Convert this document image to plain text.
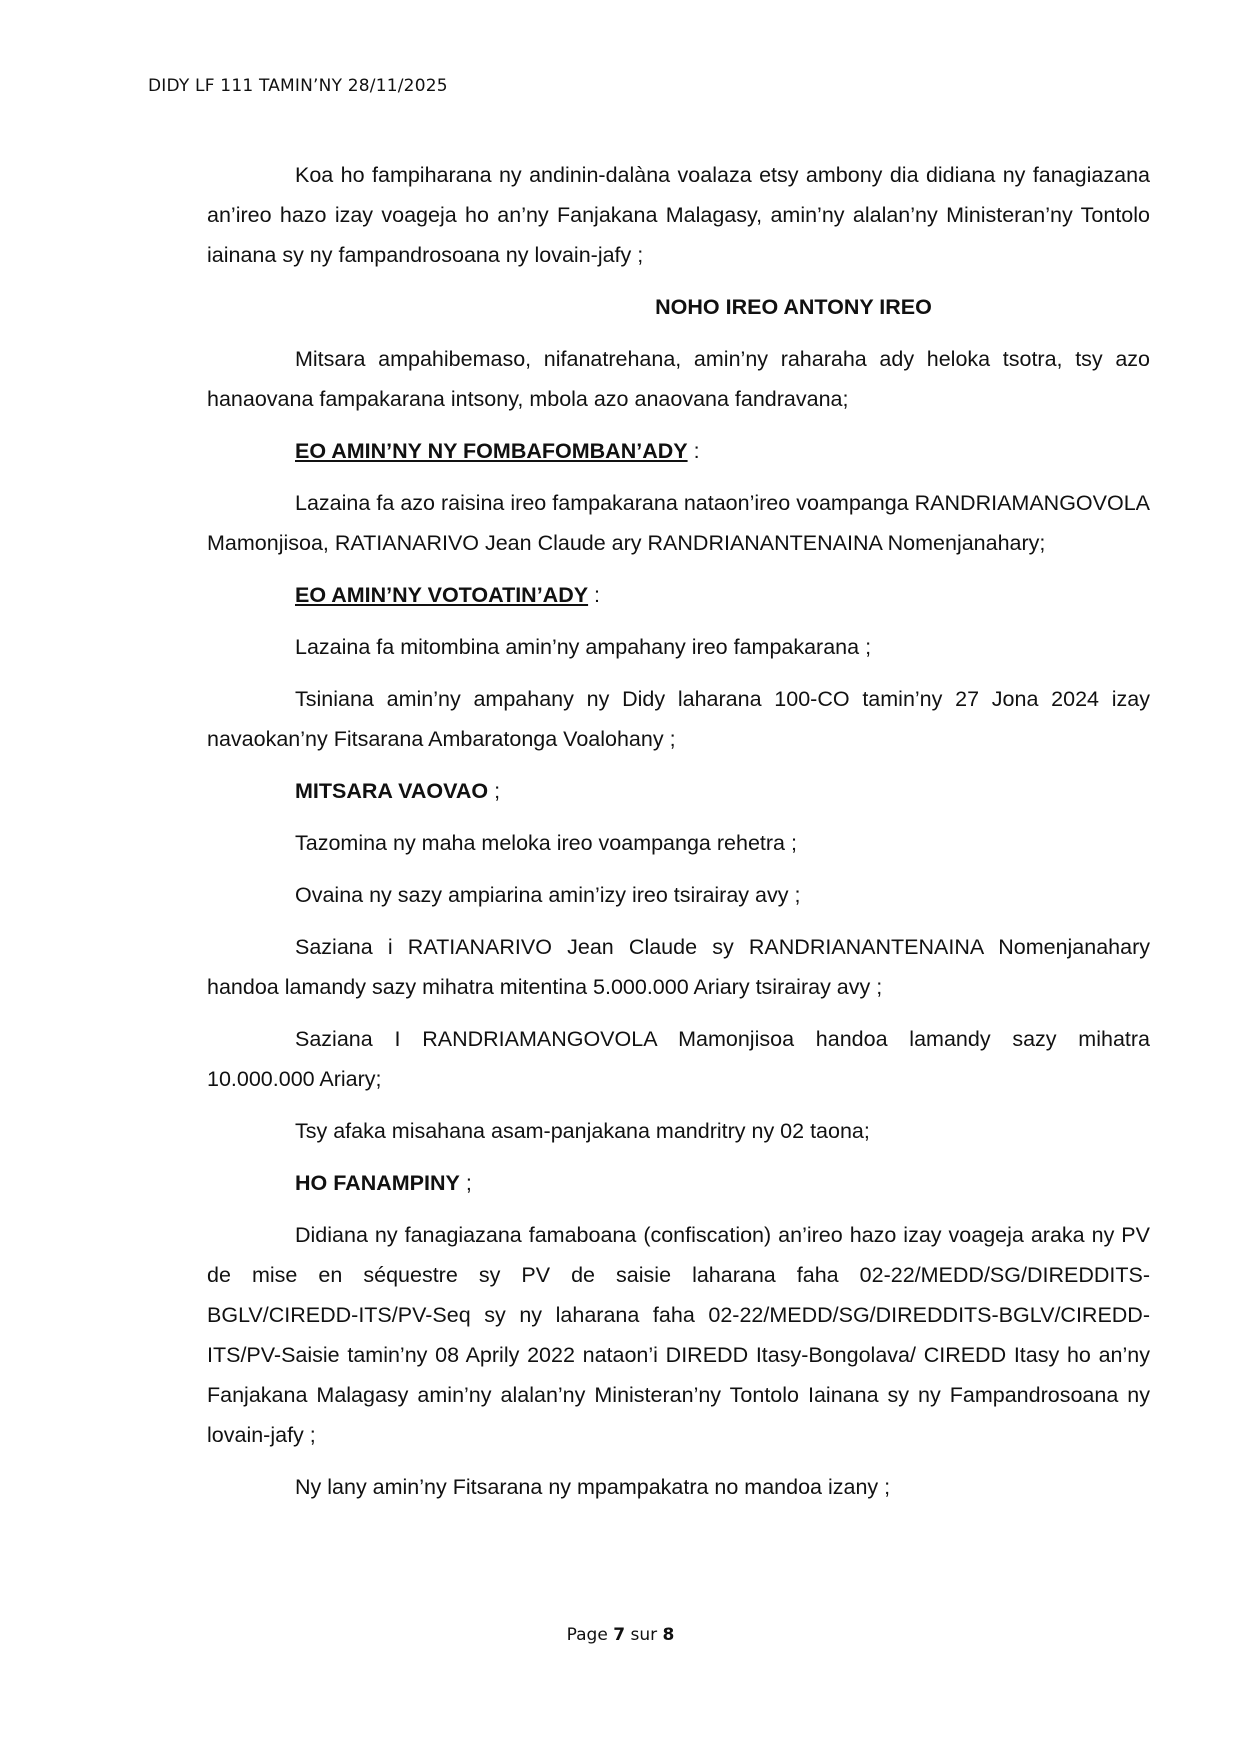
DIDY LF 111 TAMIN’NY 28/11/2025

Koa ho fampiharana ny andinin-dalàna voalaza etsy ambony dia didiana ny fanagiazana an’ireo hazo izay voageja ho an’ny Fanjakana Malagasy, amin’ny alalan’ny Ministeran’ny Tontolo iainana sy ny fampandrosoana ny lovain-jafy ;

NOHO IREO ANTONY IREO

Mitsara ampahibemaso, nifanatrehana, amin’ny raharaha ady heloka tsotra, tsy azo hanaovana fampakarana intsony, mbola azo anaovana fandravana;

EO AMIN’NY NY FOMBAFOMBAN’ADY :

Lazaina fa azo raisina ireo fampakarana nataon’ireo voampanga RANDRIAMANGOVOLA Mamonjisoa, RATIANARIVO Jean Claude ary RANDRIANANTENAINA Nomenjanahary;

EO AMIN’NY VOTOATIN’ADY :

Lazaina fa mitombina amin’ny ampahany ireo fampakarana ;

Tsiniana amin’ny ampahany ny Didy laharana 100-CO tamin’ny 27 Jona 2024 izay navaokan’ny Fitsarana Ambaratonga Voalohany ;

MITSARA VAOVAO ;

Tazomina ny maha meloka ireo voampanga rehetra ;

Ovaina ny sazy ampiarina amin’izy ireo tsirairay avy ;

Saziana i RATIANARIVO Jean Claude sy RANDRIANANTENAINA Nomenjanahary handoa lamandy sazy mihatra mitentina 5.000.000 Ariary tsirairay avy ;

Saziana I RANDRIAMANGOVOLA Mamonjisoa handoa lamandy sazy mihatra 10.000.000 Ariary;

Tsy afaka misahana asam-panjakana mandritry ny 02 taona;

HO FANAMPINY ;

Didiana ny fanagiazana famaboana (confiscation) an’ireo hazo izay voageja araka ny PV de mise en séquestre sy PV de saisie laharana faha 02-22/MEDD/SG/DIREDDITS-BGLV/CIREDD-ITS/PV-Seq sy ny laharana faha 02-22/MEDD/SG/DIREDDITS-BGLV/CIREDD-ITS/PV-Saisie tamin’ny 08 Aprily 2022 nataon’i DIREDD Itasy-Bongolava/ CIREDD Itasy ho an’ny Fanjakana Malagasy amin’ny alalan’ny Ministeran’ny Tontolo Iainana sy ny Fampandrosoana ny lovain-jafy ;

Ny lany amin’ny Fitsarana ny mpampakatra no mandoa izany ;

Page 7 sur 8
